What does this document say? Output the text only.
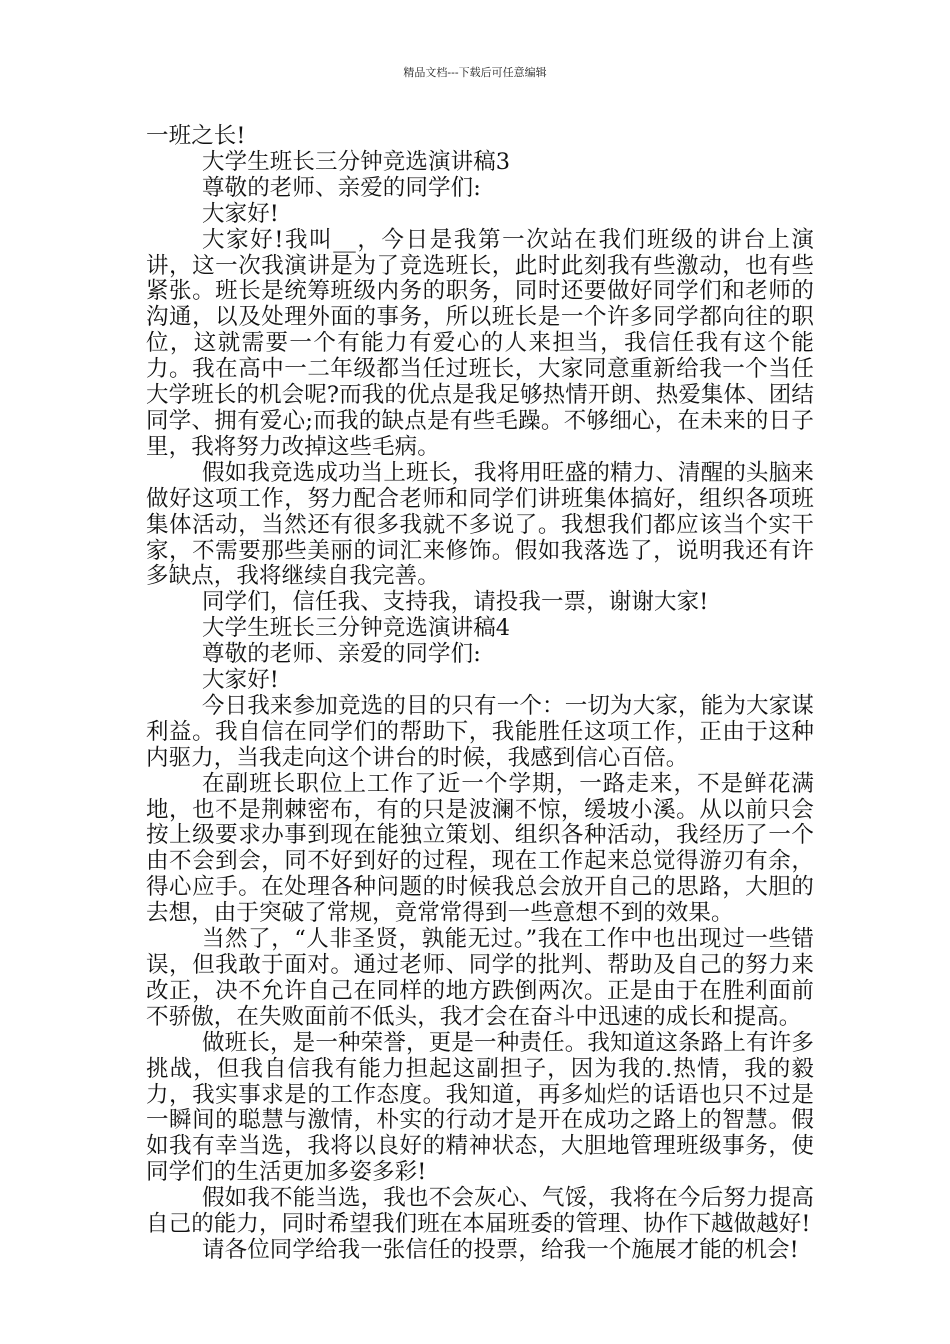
精品文档---下载后可任意编辑

一班之长!

大学生班长三分钟竞选演讲稿3

尊敬的老师、亲爱的同学们:

大家好!

大家好!我叫__，今日是我第一次站在我们班级的讲台上演讲，这一次我演讲是为了竞选班长，此时此刻我有些激动，也有些紧张。班长是统筹班级内务的职务，同时还要做好同学们和老师的沟通，以及处理外面的事务，所以班长是一个许多同学都向往的职位，这就需要一个有能力有爱心的人来担当，我信任我有这个能力。我在高中一二年级都当任过班长，大家同意重新给我一个当任大学班长的机会呢?而我的优点是我足够热情开朗、热爱集体、团结同学、拥有爱心;而我的缺点是有些毛躁。不够细心，在未来的日子里，我将努力改掉这些毛病。

假如我竞选成功当上班长，我将用旺盛的精力、清醒的头脑来做好这项工作，努力配合老师和同学们讲班集体搞好，组织各项班集体活动，当然还有很多我就不多说了。我想我们都应该当个实干家，不需要那些美丽的词汇来修饰。假如我落选了，说明我还有许多缺点，我将继续自我完善。

同学们，信任我、支持我，请投我一票，谢谢大家!

大学生班长三分钟竞选演讲稿4

尊敬的老师、亲爱的同学们:

大家好!

今日我来参加竞选的目的只有一个：一切为大家，能为大家谋利益。我自信在同学们的帮助下，我能胜任这项工作，正由于这种内驱力，当我走向这个讲台的时候，我感到信心百倍。

在副班长职位上工作了近一个学期，一路走来，不是鲜花满地，也不是荆棘密布，有的只是波澜不惊，缓坡小溪。从以前只会按上级要求办事到现在能独立策划、组织各种活动，我经历了一个由不会到会，同不好到好的过程，现在工作起来总觉得游刃有余，得心应手。在处理各种问题的时候我总会放开自己的思路，大胆的去想，由于突破了常规，竟常常得到一些意想不到的效果。

当然了，“人非圣贤，孰能无过。”我在工作中也出现过一些错误，但我敢于面对。通过老师、同学的批判、帮助及自己的努力来改正，决不允许自己在同样的地方跌倒两次。正是由于在胜利面前不骄傲，在失败面前不低头，我才会在奋斗中迅速的成长和提高。

做班长，是一种荣誉，更是一种责任。我知道这条路上有许多挑战，但我自信我有能力担起这副担子，因为我的.热情，我的毅力，我实事求是的工作态度。我知道，再多灿烂的话语也只不过是一瞬间的聪慧与激情，朴实的行动才是开在成功之路上的智慧。假如我有幸当选，我将以良好的精神状态，大胆地管理班级事务，使同学们的生活更加多姿多彩!

假如我不能当选，我也不会灰心、气馁，我将在今后努力提高自己的能力，同时希望我们班在本届班委的管理、协作下越做越好!

请各位同学给我一张信任的投票，给我一个施展才能的机会!
